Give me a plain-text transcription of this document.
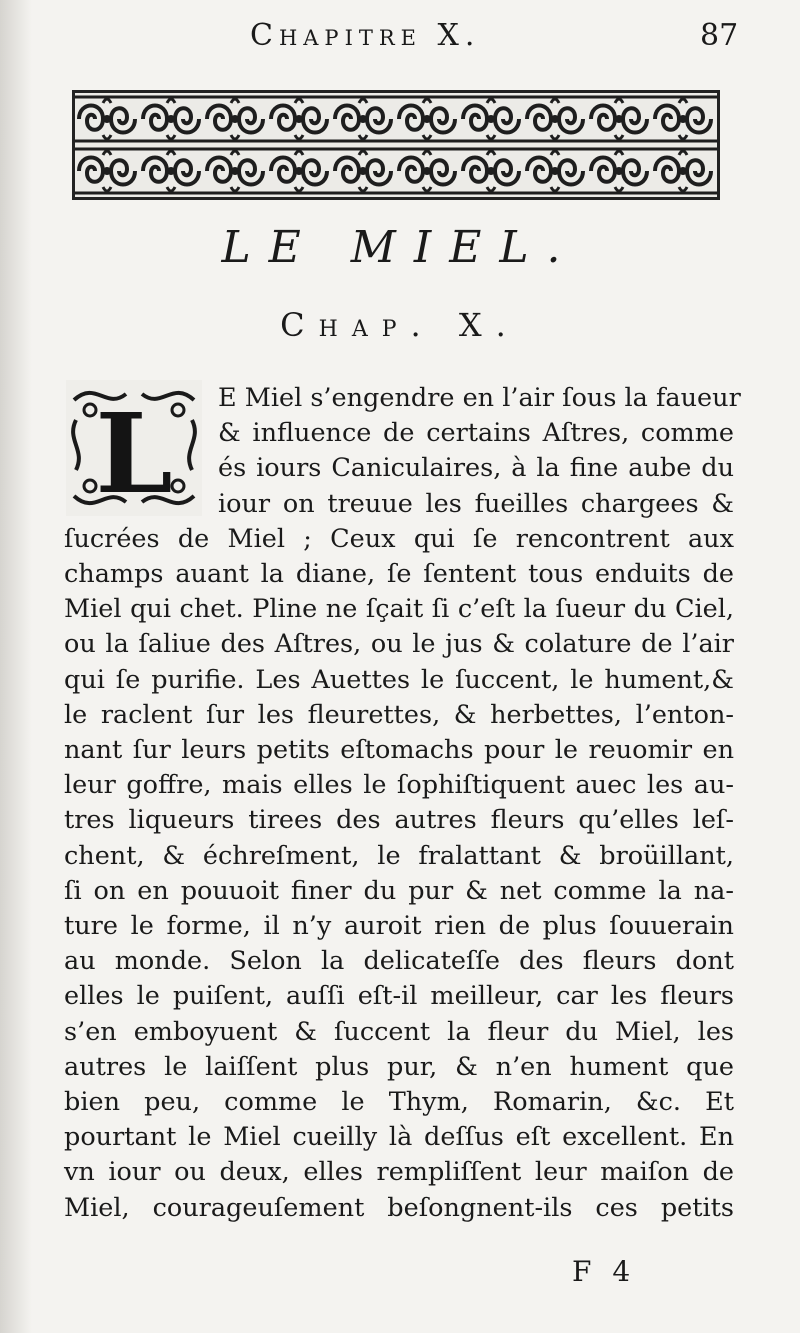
Chapitre X.	87
LE MIEL.
Chap. X.
L E Miel s’engendre en l’air ſous la faueur
& influence de certains Aſtres, comme
és iours Caniculaires, à la fine aube du
iour on treuue les fueilles chargees &
ſucrées de Miel ; Ceux qui ſe rencontrent aux
champs auant la diane, ſe ſentent tous enduits de
Miel qui chet. Pline ne ſçait ſi c’eſt la ſueur du Ciel,
ou la ſaliue des Aſtres, ou le jus & colature de l’air
qui ſe purifie. Les Auettes le ſuccent, le hument,&
le raclent ſur les fleurettes, & herbettes, l’enton-
nant ſur leurs petits eſtomachs pour le reuomir en
leur goffre, mais elles le ſophiſtiquent auec les au-
tres liqueurs tirees des autres fleurs qu’elles leſ-
chent, & échreſment, le fralattant & broüillant,
ſi on en pouuoit finer du pur & net comme la na-
ture le forme, il n’y auroit rien de plus ſouuerain
au monde. Selon la delicateſſe des fleurs dont
elles le puiſent, auſſi eſt-il meilleur, car les fleurs
s’en emboyuent & ſuccent la fleur du Miel, les
autres le laiſſent plus pur, & n’en hument que
bien peu, comme le Thym, Romarin, &c. Et
pourtant le Miel cueilly là deſſus eſt excellent. En
vn iour ou deux, elles rempliſſent leur maiſon de
Miel, courageuſement beſongnent-ils ces petits
F 4
